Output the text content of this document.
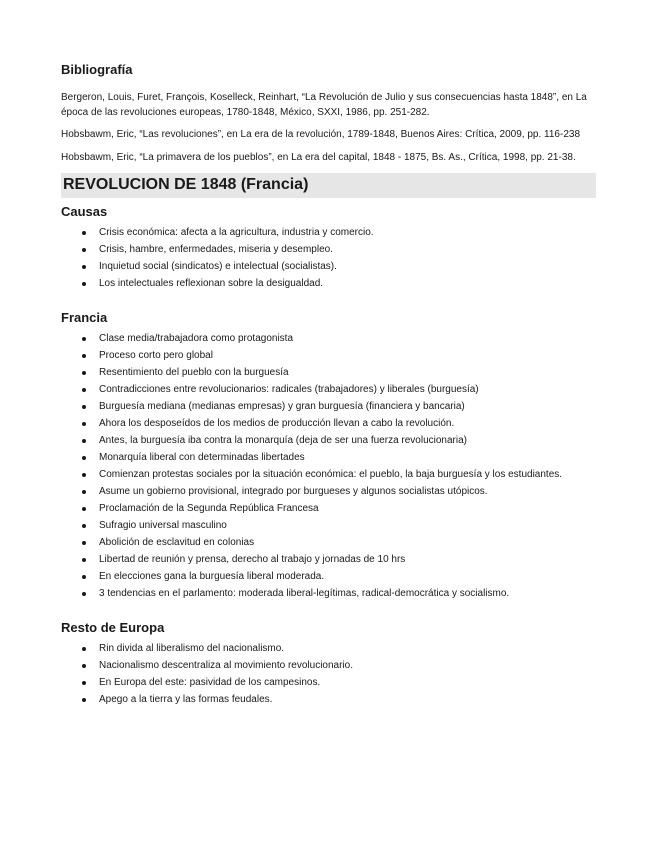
Bibliografía

Bergeron, Louis, Furet, François, Koselleck, Reinhart, “La Revolución de Julio y sus consecuencias hasta 1848”, en La época de las revoluciones europeas, 1780-1848, México, SXXI, 1986, pp. 251-282.

Hobsbawm, Eric, “Las revoluciones”, en La era de la revolución, 1789-1848, Buenos Aires: Crítica, 2009, pp. 116-238

Hobsbawm, Eric, “La primavera de los pueblos”, en La era del capital, 1848 - 1875, Bs. As., Crítica, 1998, pp. 21-38.

REVOLUCION DE 1848 (Francia)
Causas
Crisis económica: afecta a la agricultura, industria y comercio.
Crisis, hambre, enfermedades, miseria y desempleo.
Inquietud social (sindicatos) e intelectual (socialistas).
Los intelectuales reflexionan sobre la desigualdad.
Francia
Clase media/trabajadora como protagonista
Proceso corto pero global
Resentimiento del pueblo con la burguesía
Contradicciones entre revolucionarios: radicales (trabajadores) y liberales (burguesía)
Burguesía mediana (medianas empresas) y gran burguesía (financiera y bancaria)
Ahora los desposeídos de los medios de producción llevan a cabo la revolución.
Antes, la burguesía iba contra la monarquía (deja de ser una fuerza revolucionaria)
Monarquía liberal con determinadas libertades
Comienzan protestas sociales por la situación económica: el pueblo, la baja burguesía y los estudiantes.
Asume un gobierno provisional, integrado por burgueses y algunos socialistas utópicos.
Proclamación de la Segunda República Francesa
Sufragio universal masculino
Abolición de esclavitud en colonias
Libertad de reunión y prensa, derecho al trabajo y jornadas de 10 hrs
En elecciones gana la burguesía liberal moderada.
3 tendencias en el parlamento: moderada liberal-legítimas, radical-democrática y socialismo.
Resto de Europa
Rin divida al liberalismo del nacionalismo.
Nacionalismo descentraliza al movimiento revolucionario.
En Europa del este: pasividad de los campesinos.
Apego a la tierra y las formas feudales.
